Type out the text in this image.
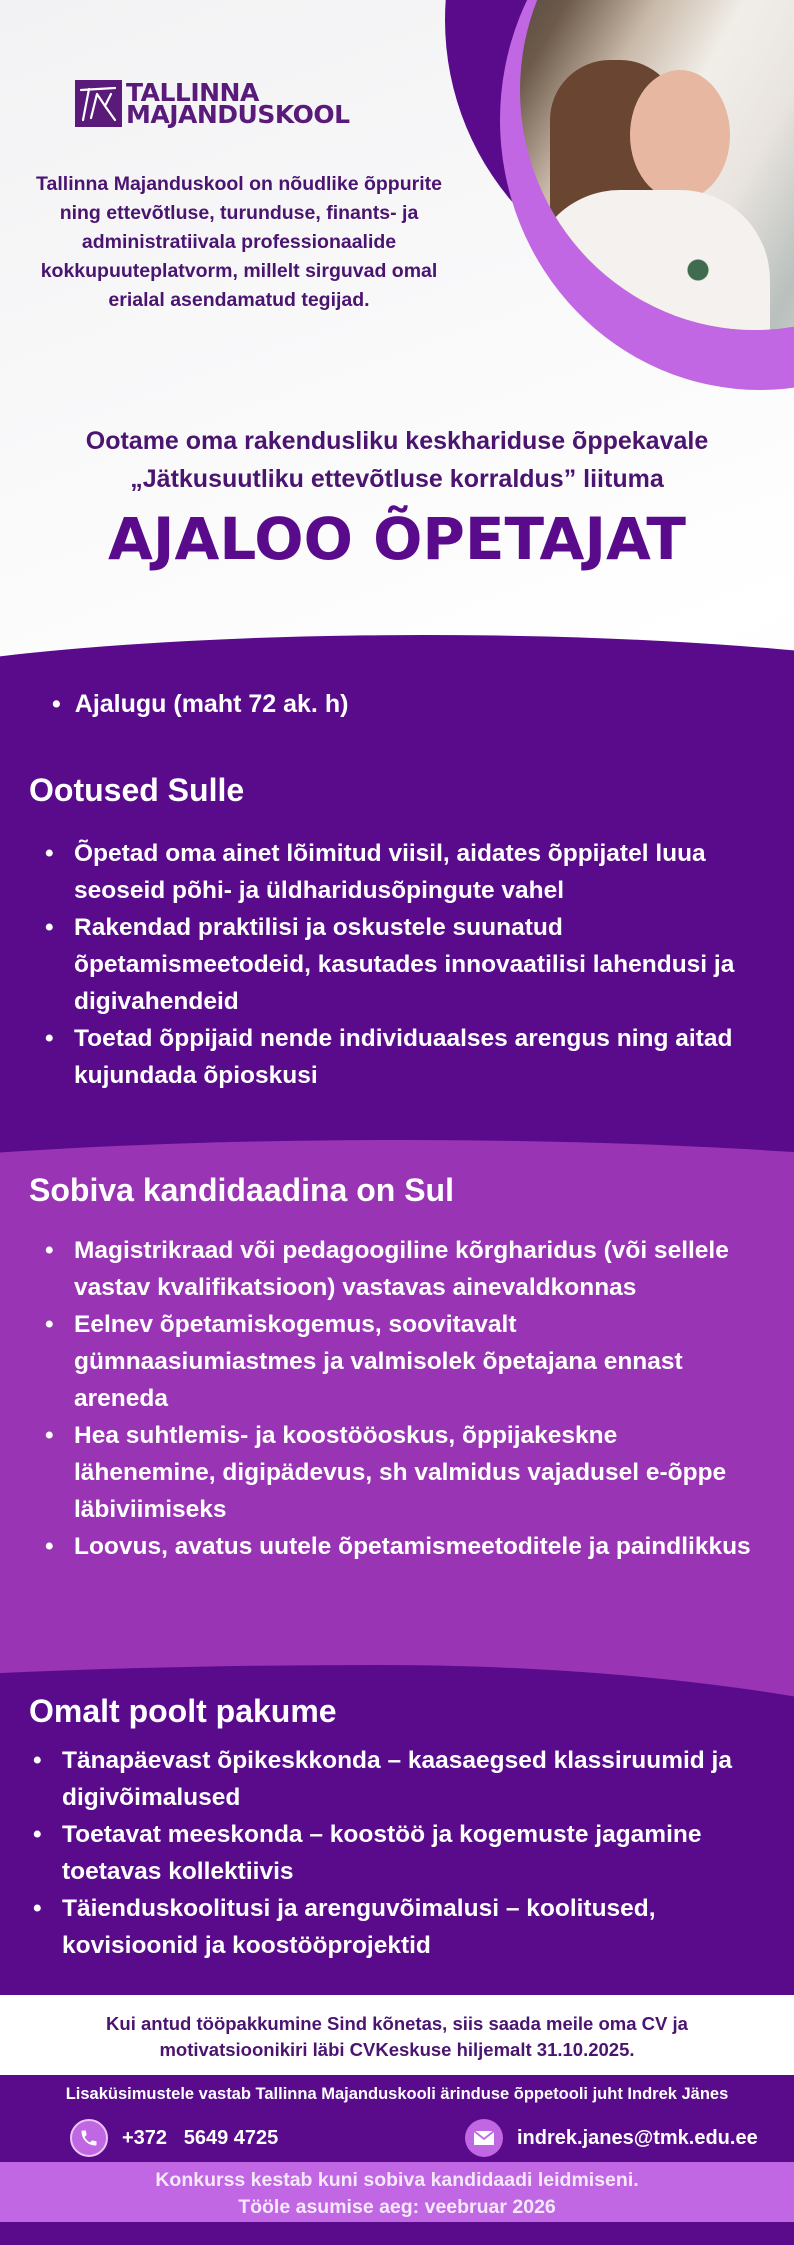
TALLINNA
MAJANDUSKOOL

Tallinna Majanduskool on nõudlike õppurite ning ettevõtluse, turunduse, finants- ja administratiivala professionaalide kokkupuuteplatvorm, millelt sirguvad omal erialal asendamatud tegijad.

Ootame oma rakendusliku keskhariduse õppekavale
„Jätkusuutliku ettevõtluse korraldus” liituma
AJALOO ÕPETAJAT
• Ajalugu (maht 72 ak. h)
Ootused Sulle
• Õpetad oma ainet lõimitud viisil, aidates õppijatel luua seoseid põhi- ja üldharidusõpingute vahel
• Rakendad praktilisi ja oskustele suunatud õpetamismeetodeid, kasutades innovaatilisi lahendusi ja digivahendeid
• Toetad õppijaid nende individuaalses arengus ning aitad kujundada õpioskusi
Sobiva kandidaadina on Sul
• Magistrikraad või pedagoogiline kõrgharidus (või sellele vastav kvalifikatsioon) vastavas ainevaldkonnas
• Eelnev õpetamiskogemus, soovitavalt gümnaasiumiastmes ja valmisolek õpetajana ennast areneda
• Hea suhtlemis- ja koostööoskus, õppijakeskne lähenemine, digipädevus, sh valmidus vajadusel e-õppe läbiviimiseks
• Loovus, avatus uutele õpetamismeetoditele ja paindlikkus
Omalt poolt pakume
• Tänapäevast õpikeskkonda – kaasaegsed klassiruumid ja digivõimalused
• Toetavat meeskonda – koostöö ja kogemuste jagamine toetavas kollektiivis
• Täienduskoolitusi ja arenguvõimalusi – koolitused, kovisioonid ja koostööprojektid
Kui antud tööpakkumine Sind kõnetas, siis saada meile oma CV ja
motivatsioonikiri läbi CVKeskuse hiljemalt 31.10.2025.
Lisaküsimustele vastab Tallinna Majanduskooli ärinduse õppetooli juht Indrek Jänes
+372   5649 4725	indrek.janes@tmk.edu.ee
Konkurss kestab kuni sobiva kandidaadi leidmiseni.
Tööle asumise aeg: veebruar 2026
